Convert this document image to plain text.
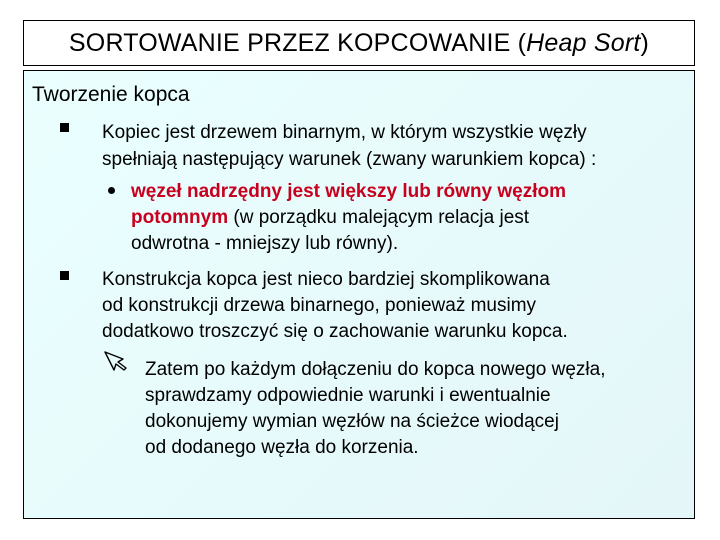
SORTOWANIE PRZEZ KOPCOWANIE ( Heap Sort )
Tworzenie kopca
Kopiec jest drzewem binarnym, w którym wszystkie węzły
spełniają następujący warunek (zwany warunkiem kopca) :
węzeł nadrzędny jest większy lub równy węzłom
potomnym (w porządku malejącym relacja jest
odwrotna - mniejszy lub równy).
Konstrukcja kopca jest nieco bardziej skomplikowana
od konstrukcji drzewa binarnego, ponieważ musimy
dodatkowo troszczyć się o zachowanie warunku kopca.
Zatem po każdym dołączeniu do kopca nowego węzła,
sprawdzamy odpowiednie warunki i ewentualnie
dokonujemy wymian węzłów na ścieżce wiodącej
od dodanego węzła do korzenia.
